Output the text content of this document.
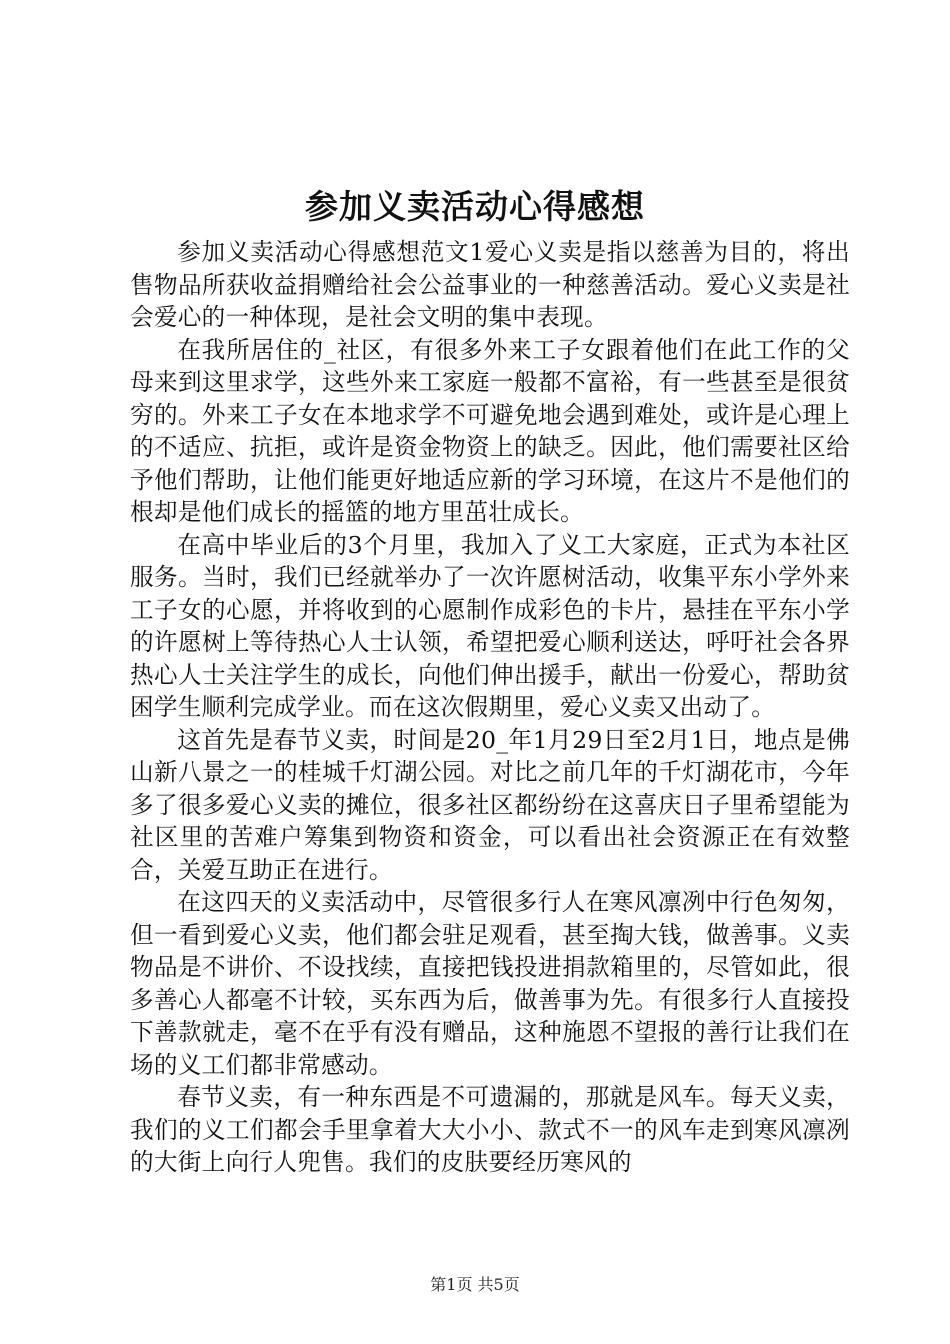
参加义卖活动心得感想

参加义卖活动心得感想范文1爱心义卖是指以慈善为目的，将出售物品所获收益捐赠给社会公益事业的一种慈善活动。爱心义卖是社会爱心的一种体现，是社会文明的集中表现。

在我所居住的_社区，有很多外来工子女跟着他们在此工作的父母来到这里求学，这些外来工家庭一般都不富裕，有一些甚至是很贫穷的。外来工子女在本地求学不可避免地会遇到难处，或许是心理上的不适应、抗拒，或许是资金物资上的缺乏。因此，他们需要社区给予他们帮助，让他们能更好地适应新的学习环境，在这片不是他们的根却是他们成长的摇篮的地方里茁壮成长。

在高中毕业后的3个月里，我加入了义工大家庭，正式为本社区服务。当时，我们已经就举办了一次许愿树活动，收集平东小学外来工子女的心愿，并将收到的心愿制作成彩色的卡片，悬挂在平东小学的许愿树上等待热心人士认领，希望把爱心顺利送达，呼吁社会各界热心人士关注学生的成长，向他们伸出援手，献出一份爱心，帮助贫困学生顺利完成学业。而在这次假期里，爱心义卖又出动了。

这首先是春节义卖，时间是20_年1月29日至2月1日，地点是佛山新八景之一的桂城千灯湖公园。对比之前几年的千灯湖花市，今年多了很多爱心义卖的摊位，很多社区都纷纷在这喜庆日子里希望能为社区里的苦难户筹集到物资和资金，可以看出社会资源正在有效整合，关爱互助正在进行。

在这四天的义卖活动中，尽管很多行人在寒风凛冽中行色匆匆，但一看到爱心义卖，他们都会驻足观看，甚至掏大钱，做善事。义卖物品是不讲价、不设找续，直接把钱投进捐款箱里的，尽管如此，很多善心人都毫不计较，买东西为后，做善事为先。有很多行人直接投下善款就走，毫不在乎有没有赠品，这种施恩不望报的善行让我们在场的义工们都非常感动。

春节义卖，有一种东西是不可遗漏的，那就是风车。每天义卖，我们的义工们都会手里拿着大大小小、款式不一的风车走到寒风凛冽的大街上向行人兜售。我们的皮肤要经历寒风的

第1页 共5页
